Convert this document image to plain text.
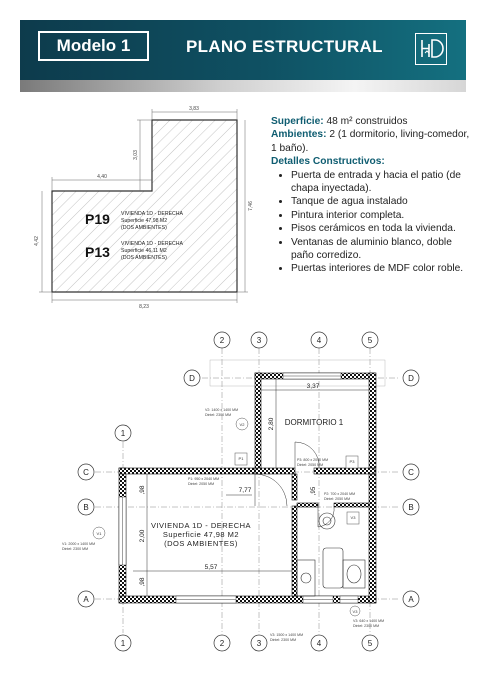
Modelo 1	PLANO ESTRUCTURAL
3,83
4,40
3,03
7,46
4,42
8,23
P19 VIVIENDA 1D - DERECHA
Superficie 47,98 M2
(DOS AMBIENTES)
P13 VIVIENDA 1D - DERECHA
Superficie 46,11 M2
(DOS AMBIENTES)
Superficie: 48 m² construidos
Ambientes: 2 (1 dormitorio, living-comedor, 1 baño).
Detalles Constructivos:
• Puerta de entrada y hacia el patio (de chapa inyectada).
• Tanque de agua instalado
• Pintura interior completa.
• Pisos cerámicos en toda la vivienda.
• Ventanas de aluminio blanco, doble paño corredizo.
• Puertas interiores de MDF color roble.
1
1
2
2
3
3
4
4
5
5
A	A
B	B
C	C
D	D
DORMITORIO 1
3,37
2,80
5,57
2,00
,98
,98
7,77	,95
VIVIENDA 1D - DERECHA
Superficie 47,98 M2
(DOS AMBIENTES)
V2: 1400 x 1400 MM
Dintel: 2300 MM
P1: 950 x 2040 MM
Dintel: 2050 MM
P3: 800 x 2040 MM
Dintel: 2050 MM
P2: 700 x 2040 MM
Dintel: 2050 MM
V1: 2000 x 1400 MM
Dintel: 2300 MM
V3: 1500 x 1400 MM
Dintel: 2300 MM
V3: 640 x 1400 MM
Dintel: 2300 MM
V2
P1
P3
V1
V3
V3
